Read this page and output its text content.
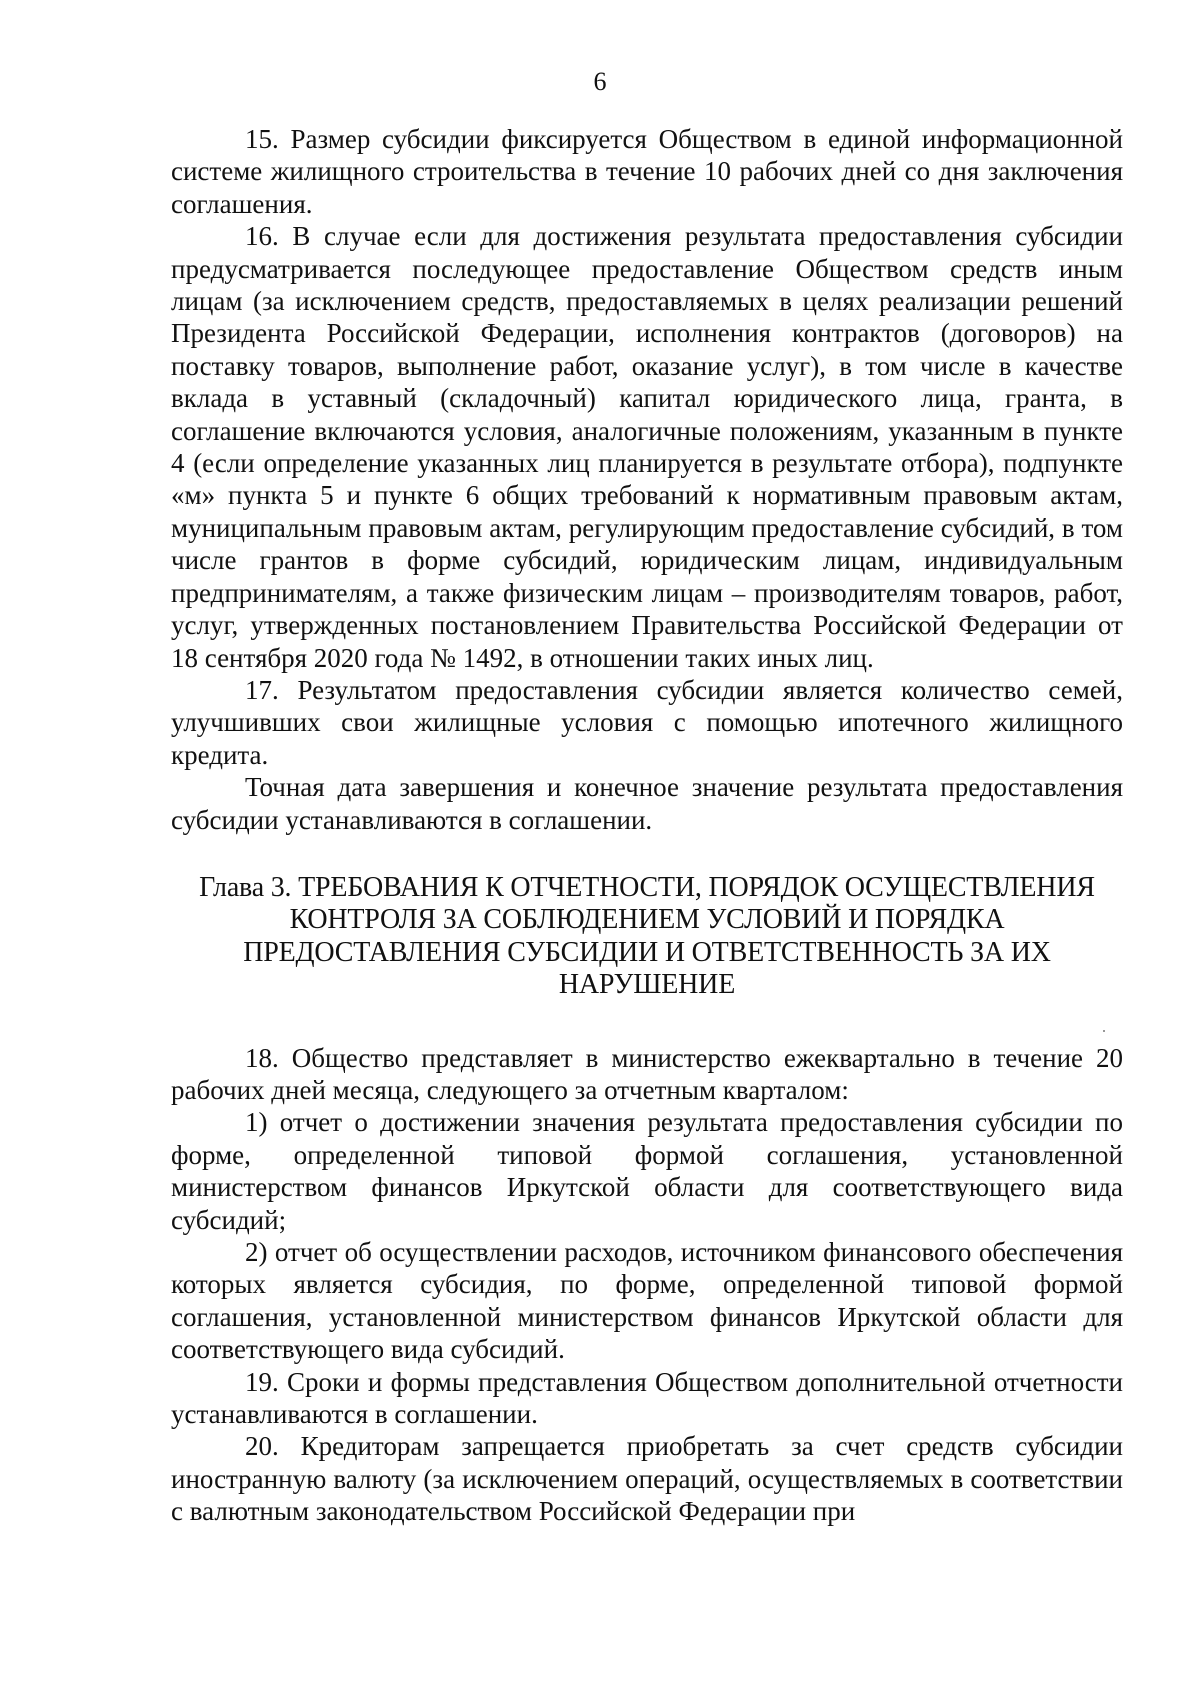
6

15. Размер субсидии фиксируется Обществом в единой информационной системе жилищного строительства в течение 10 рабочих дней со дня заключения соглашения.

16. В случае если для достижения результата предоставления субсидии предусматривается последующее предоставление Обществом средств иным лицам (за исключением средств, предоставляемых в целях реализации решений Президента Российской Федерации, исполнения контрактов (договоров) на поставку товаров, выполнение работ, оказание услуг), в том числе в качестве вклада в уставный (складочный) капитал юридического лица, гранта, в соглашение включаются условия, аналогичные положениям, указанным в пункте 4 (если определение указанных лиц планируется в результате отбора), подпункте «м» пункта 5 и пункте 6 общих требований к нормативным правовым актам, муниципальным правовым актам, регулирующим предоставление субсидий, в том числе грантов в форме субсидий, юридическим лицам, индивидуальным предпринимателям, а также физическим лицам – производителям товаров, работ, услуг, утвержденных постановлением Правительства Российской Федерации от 18 сентября 2020 года № 1492, в отношении таких иных лиц.

17. Результатом предоставления субсидии является количество семей, улучшивших свои жилищные условия с помощью ипотечного жилищного кредита.

Точная дата завершения и конечное значение результата предоставления субсидии устанавливаются в соглашении.

Глава 3. ТРЕБОВАНИЯ К ОТЧЕТНОСТИ, ПОРЯДОК ОСУЩЕСТВЛЕНИЯ
КОНТРОЛЯ ЗА СОБЛЮДЕНИЕМ УСЛОВИЙ И ПОРЯДКА
ПРЕДОСТАВЛЕНИЯ СУБСИДИИ И ОТВЕТСТВЕННОСТЬ ЗА ИХ
НАРУШЕНИЕ

18. Общество представляет в министерство ежеквартально в течение 20 рабочих дней месяца, следующего за отчетным кварталом:

1) отчет о достижении значения результата предоставления субсидии по форме, определенной типовой формой соглашения, установленной министерством финансов Иркутской области для соответствующего вида субсидий;

2) отчет об осуществлении расходов, источником финансового обеспечения которых является субсидия, по форме, определенной типовой формой соглашения, установленной министерством финансов Иркутской области для соответствующего вида субсидий.

19. Сроки и формы представления Обществом дополнительной отчетности устанавливаются в соглашении.

20. Кредиторам запрещается приобретать за счет средств субсидии иностранную валюту (за исключением операций, осуществляемых в соответствии с валютным законодательством Российской Федерации при
